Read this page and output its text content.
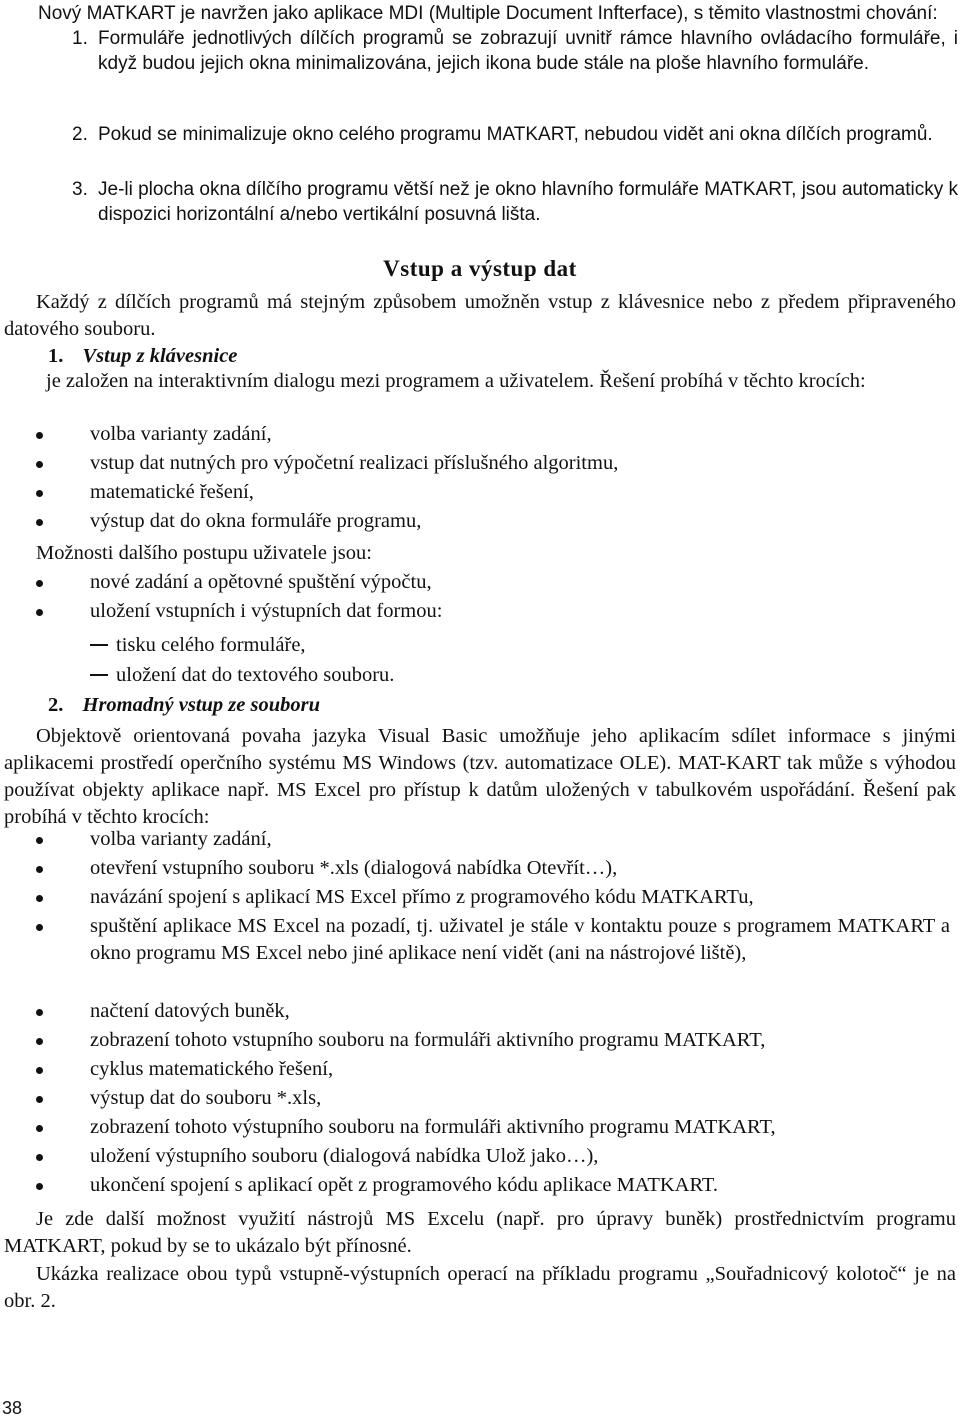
Nový MATKART je navržen jako aplikace MDI (Multiple Document Infterface), s těmito vlastnostmi chování:

1. Formuláře jednotlivých dílčích programů se zobrazují uvnitř rámce hlavního ovládacího formuláře, i když budou jejich okna minimalizována, jejich ikona bude stále na ploše hlavního formuláře.
2. Pokud se minimalizuje okno celého programu MATKART, nebudou vidět ani okna dílčích programů.
3. Je-li plocha okna dílčího programu větší než je okno hlavního formuláře MATKART, jsou automaticky k dispozici horizontální a/nebo vertikální posuvná lišta.
Vstup a výstup dat

Každý z dílčích programů má stejným způsobem umožněn vstup z klávesnice nebo z předem připraveného datového souboru.

1. Vstup z klávesnice

je založen na interaktivním dialogu mezi programem a uživatelem. Řešení probíhá v těchto krocích:

volba varianty zadání,
vstup dat nutných pro výpočetní realizaci příslušného algoritmu,
matematické řešení,
výstup dat do okna formuláře programu,

Možnosti dalšího postupu uživatele jsou:

nové zadání a opětovné spuštění výpočtu,
uložení vstupních i výstupních dat formou:
tisku celého formuláře,
uložení dat do textového souboru.
2. Hromadný vstup ze souboru

Objektově orientovaná povaha jazyka Visual Basic umožňuje jeho aplikacím sdílet informace s jinými aplikacemi prostředí operčního systému MS Windows (tzv. automatizace OLE). MAT-KART tak může s výhodou používat objekty aplikace např. MS Excel pro přístup k datům uložených v tabulkovém uspořádání. Řešení pak probíhá v těchto krocích:

volba varianty zadání,
otevření vstupního souboru *.xls (dialogová nabídka Otevřít…),
navázání spojení s aplikací MS Excel přímo z programového kódu MATKARTu,
spuštění aplikace MS Excel na pozadí, tj. uživatel je stále v kontaktu pouze s programem MATKART a okno programu MS Excel nebo jiné aplikace není vidět (ani na nástrojové liště),
načtení datových buněk,
zobrazení tohoto vstupního souboru na formuláři aktivního programu MATKART,
cyklus matematického řešení,
výstup dat do souboru *.xls,
zobrazení tohoto výstupního souboru na formuláři aktivního programu MATKART,
uložení výstupního souboru (dialogová nabídka Ulož jako…),
ukončení spojení s aplikací opět z programového kódu aplikace MATKART.

Je zde další možnost využití nástrojů MS Excelu (např. pro úpravy buněk) prostřednictvím programu MATKART, pokud by se to ukázalo být přínosné.

Ukázka realizace obou typů vstupně-výstupních operací na příkladu programu „Souřadnicový kolotoč“ je na obr. 2.

38
